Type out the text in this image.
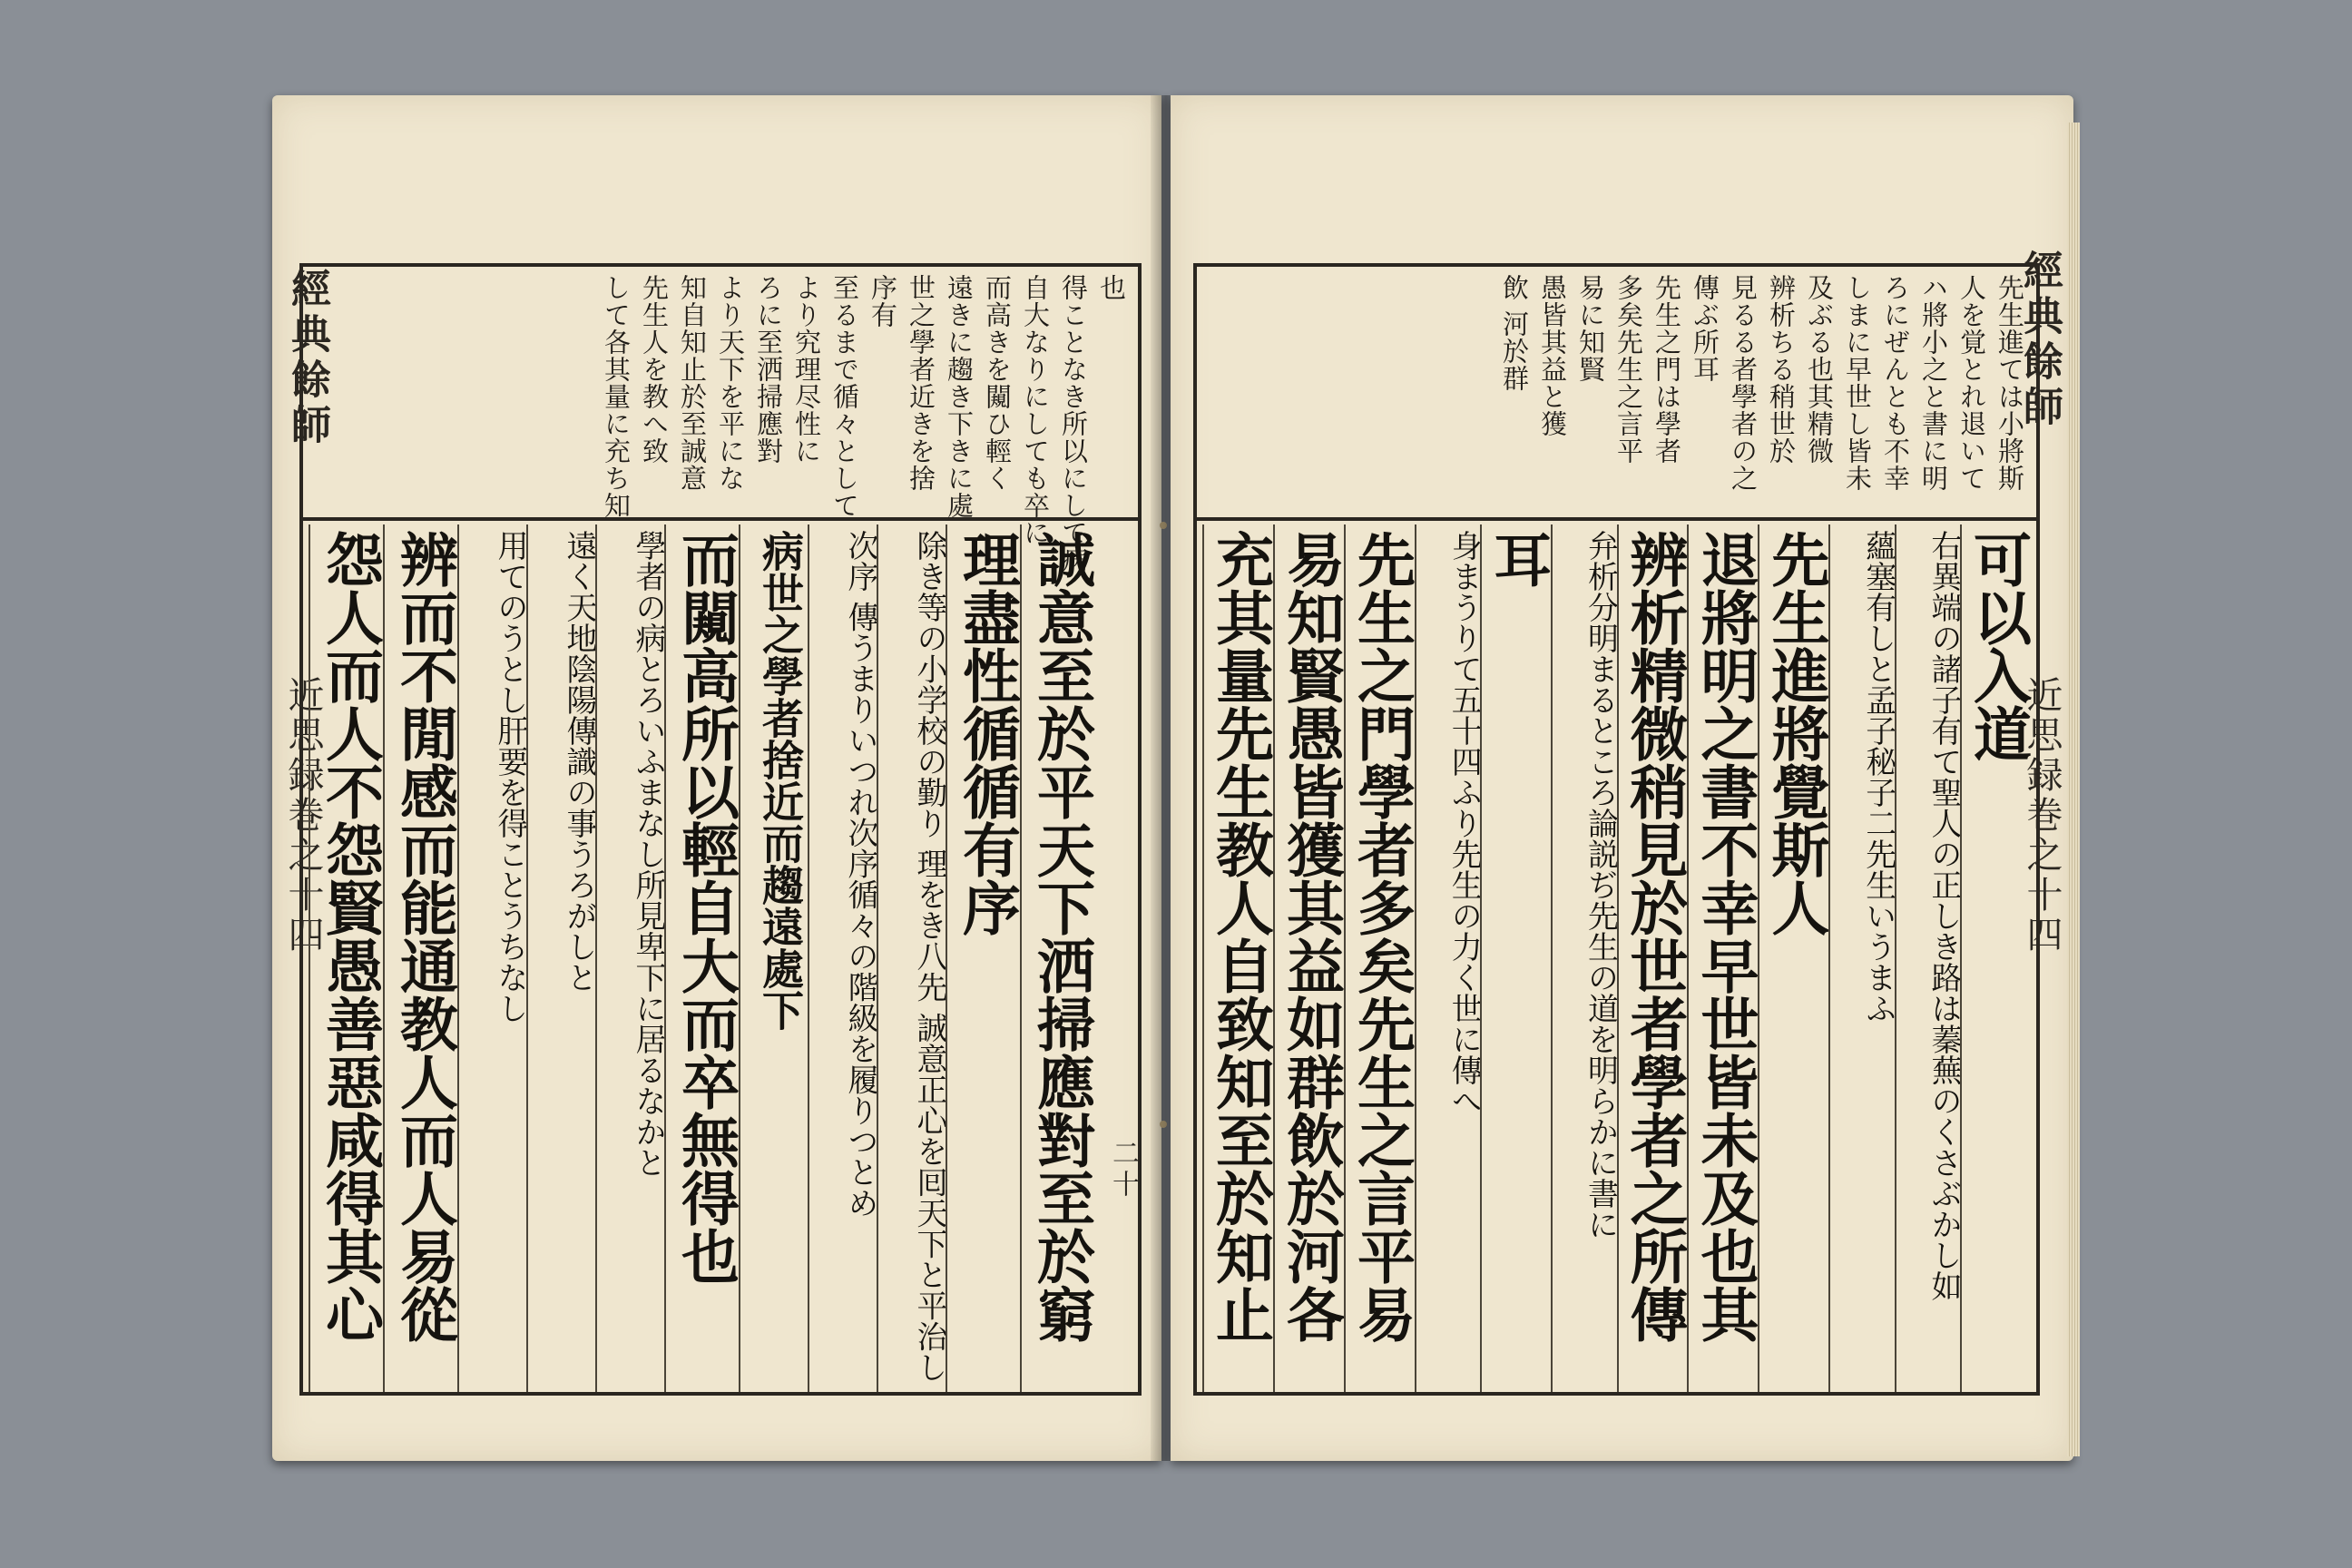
經典餘師
近思録巻之十四
二十
也
得ことなき所以にして病
自大なりにしても卒に
而高きを闚ひ輕く
遠きに趨き下きに處
世之學者近きを捨
序有
至るまで循々として
より究理尽性に
ろに至洒掃應對
より天下を平にな
知自知止於至誠意
先生人を教へ致
して各其量に充ち知
怨人而人不怨賢愚善惡咸得其心 辨而不閒感而能通教人而人易從	用てのうとし肝要を得ことうちなし	遠く天地陰陽傳識の事うろがしと	學者の病とろいふまなし所見卑下に居るなかと 而闚高所以輕自大而卒無得也 病世之學者捨近而趨遠處下	次序 傳うまりいつれ次序循々の階級を履りつとめ	除き等の小学校の勤り 理をき八先 誠意正心を囘天下と平治し 理盡性循循有序 誠意至於平天下洒掃應對至於窮
經典餘師
近思録巻之十四
先生進ては小將斯
人を覚とれ退いて
ハ將小之と書に明
ろにぜんとも不幸
しまに早世し皆未
及ぶる也其精微
辨析ちる稍世於
見るる者學者の之
傳ぶ所耳
先生之門は學者
多矣先生之言平
易に知賢
愚皆其益と獲
飲 河於群
可以入道
右異端の諸子有て聖人の正しき路は蓁蕪のくさぶかし如
蘊塞有しと孟子秘子二先生いうまふ
先生進將覺斯人
退將明之書不幸早世皆未及也其
辨析精微稍見於世者學者之所傳
弁析分明まるところ論説ぢ先生の道を明らかに書に
耳
身まうりて五十四ふり先生の力く世に傳へ
先生之門學者多矣先生之言平易
易知賢愚皆獲其益如群飲於河各
充其量先生教人自致知至於知止
